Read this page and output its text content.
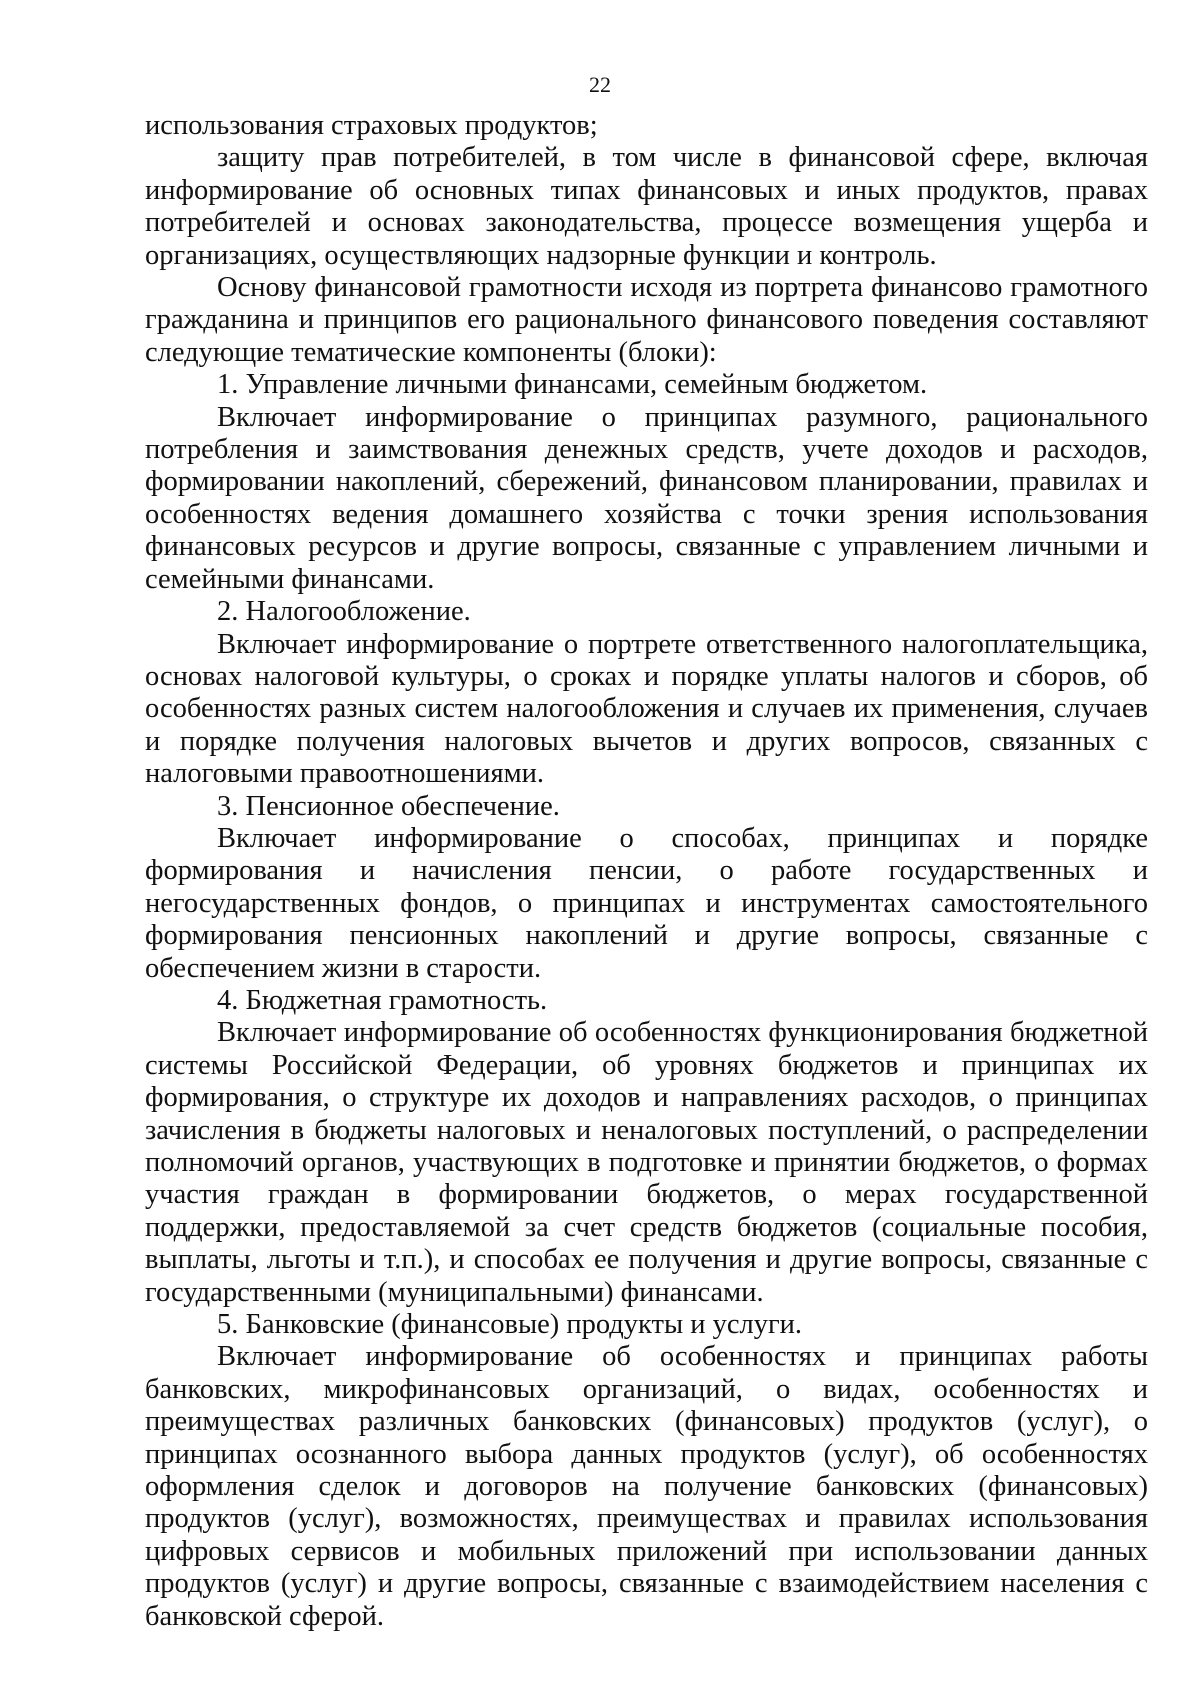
22

использования страховых продуктов;

защиту прав потребителей, в том числе в финансовой сфере, включая информирование об основных типах финансовых и иных продуктов, правах потребителей и основах законодательства, процессе возмещения ущерба и организациях, осуществляющих надзорные функции и контроль.

Основу финансовой грамотности исходя из портрета финансово грамотного гражданина и принципов его рационального финансового поведения составляют следующие тематические компоненты (блоки):

1. Управление личными финансами, семейным бюджетом.

Включает информирование о принципах разумного, рационального потребления и заимствования денежных средств, учете доходов и расходов, формировании накоплений, сбережений, финансовом планировании, правилах и особенностях ведения домашнего хозяйства с точки зрения использования финансовых ресурсов и другие вопросы, связанные с управлением личными и семейными финансами.

2. Налогообложение.

Включает информирование о портрете ответственного налогоплательщика, основах налоговой культуры, о сроках и порядке уплаты налогов и сборов, об особенностях разных систем налогообложения и случаев их применения, случаев и порядке получения налоговых вычетов и других вопросов, связанных с налоговыми правоотношениями.

3. Пенсионное обеспечение.

Включает информирование о способах, принципах и порядке формирования и начисления пенсии, о работе государственных и негосударственных фондов, о принципах и инструментах самостоятельного формирования пенсионных накоплений и другие вопросы, связанные с обеспечением жизни в старости.

4. Бюджетная грамотность.

Включает информирование об особенностях функционирования бюджетной системы Российской Федерации, об уровнях бюджетов и принципах их формирования, о структуре их доходов и направлениях расходов, о принципах зачисления в бюджеты налоговых и неналоговых поступлений, о распределении полномочий органов, участвующих в подготовке и принятии бюджетов, о формах участия граждан в формировании бюджетов, о мерах государственной поддержки, предоставляемой за счет средств бюджетов (социальные пособия, выплаты, льготы и т.п.), и способах ее получения и другие вопросы, связанные с государственными (муниципальными) финансами.

5. Банковские (финансовые) продукты и услуги.

Включает информирование об особенностях и принципах работы банковских, микрофинансовых организаций, о видах, особенностях и преимуществах различных банковских (финансовых) продуктов (услуг), о принципах осознанного выбора данных продуктов (услуг), об особенностях оформления сделок и договоров на получение банковских (финансовых) продуктов (услуг), возможностях, преимуществах и правилах использования цифровых сервисов и мобильных приложений при использовании данных продуктов (услуг) и другие вопросы, связанные с взаимодействием населения с банковской сферой.
